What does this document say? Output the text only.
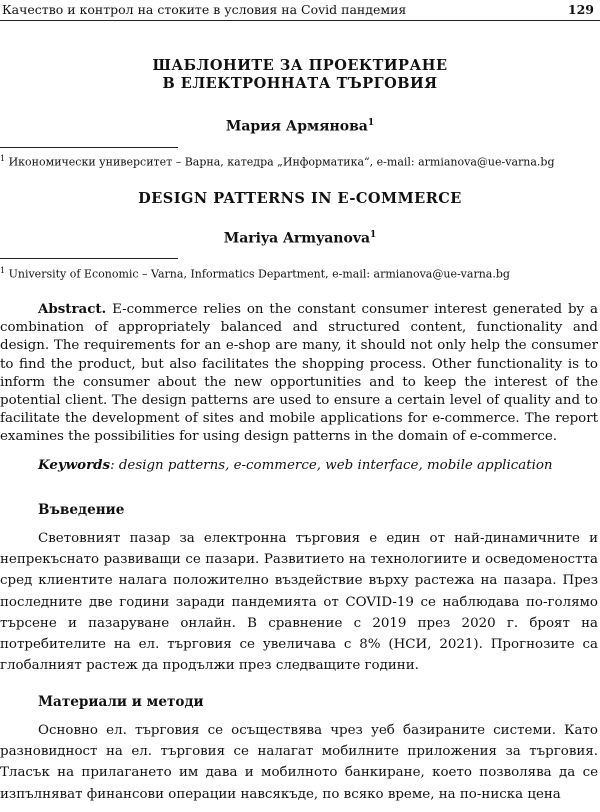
Качество и контрол на стоките в условия на Covid пандемия	129
ШАБЛОНИТЕ ЗА ПРОЕКТИРАНЕ
В ЕЛЕКТРОННАТА ТЪРГОВИЯ
Мария Армянова$^1$
$^1$ Икономически университет – Варна, катедра „Информатика“, e-mail: armianova@ue-varna.bg
DESIGN PATTERNS IN E-COMMERCE
Mariya Armyanova$^1$
$^1$ University of Economic – Varna, Informatics Department, e-mail: armianova@ue-varna.bg

Abstract. E-commerce relies on the constant consumer interest generated by a combination of appropriately balanced and structured content, functionality and design. The requirements for an e-shop are many, it should not only help the consumer to find the product, but also facilitates the shopping process. Other functionality is to inform the consumer about the new opportunities and to keep the interest of the potential client. The design patterns are used to ensure a certain level of quality and to facilitate the development of sites and mobile applications for e-commerce. The report examines the possibilities for using design patterns in the domain of e-commerce.

Keywords: design patterns, e-commerce, web interface, mobile application
Въведение

Световният пазар за електронна търговия е един от най-динамичните и непрекъснато развиващи се пазари. Развитието на технологиите и осведомеността сред клиентите налага положително въздействие върху растежа на пазара. През последните две години заради пандемията от COVID-19 се наблюдава по-голямо търсене и пазаруване онлайн. В сравнение с 2019 през 2020 г. броят на потребителите на ел. търговия се увеличава с 8% (НСИ, 2021). Прогнозите са глобалният растеж да продължи през следващите години.

Материали и методи

Основно ел. търговия се осъществява чрез уеб базираните системи. Като разновидност на ел. търговия се налагат мобилните приложения за търговия. Тласък на прилагането им дава и мобилното банкиране, което позволява да се изпълняват финансови операции навсякъде, по всяко време, на по-ниска цена
